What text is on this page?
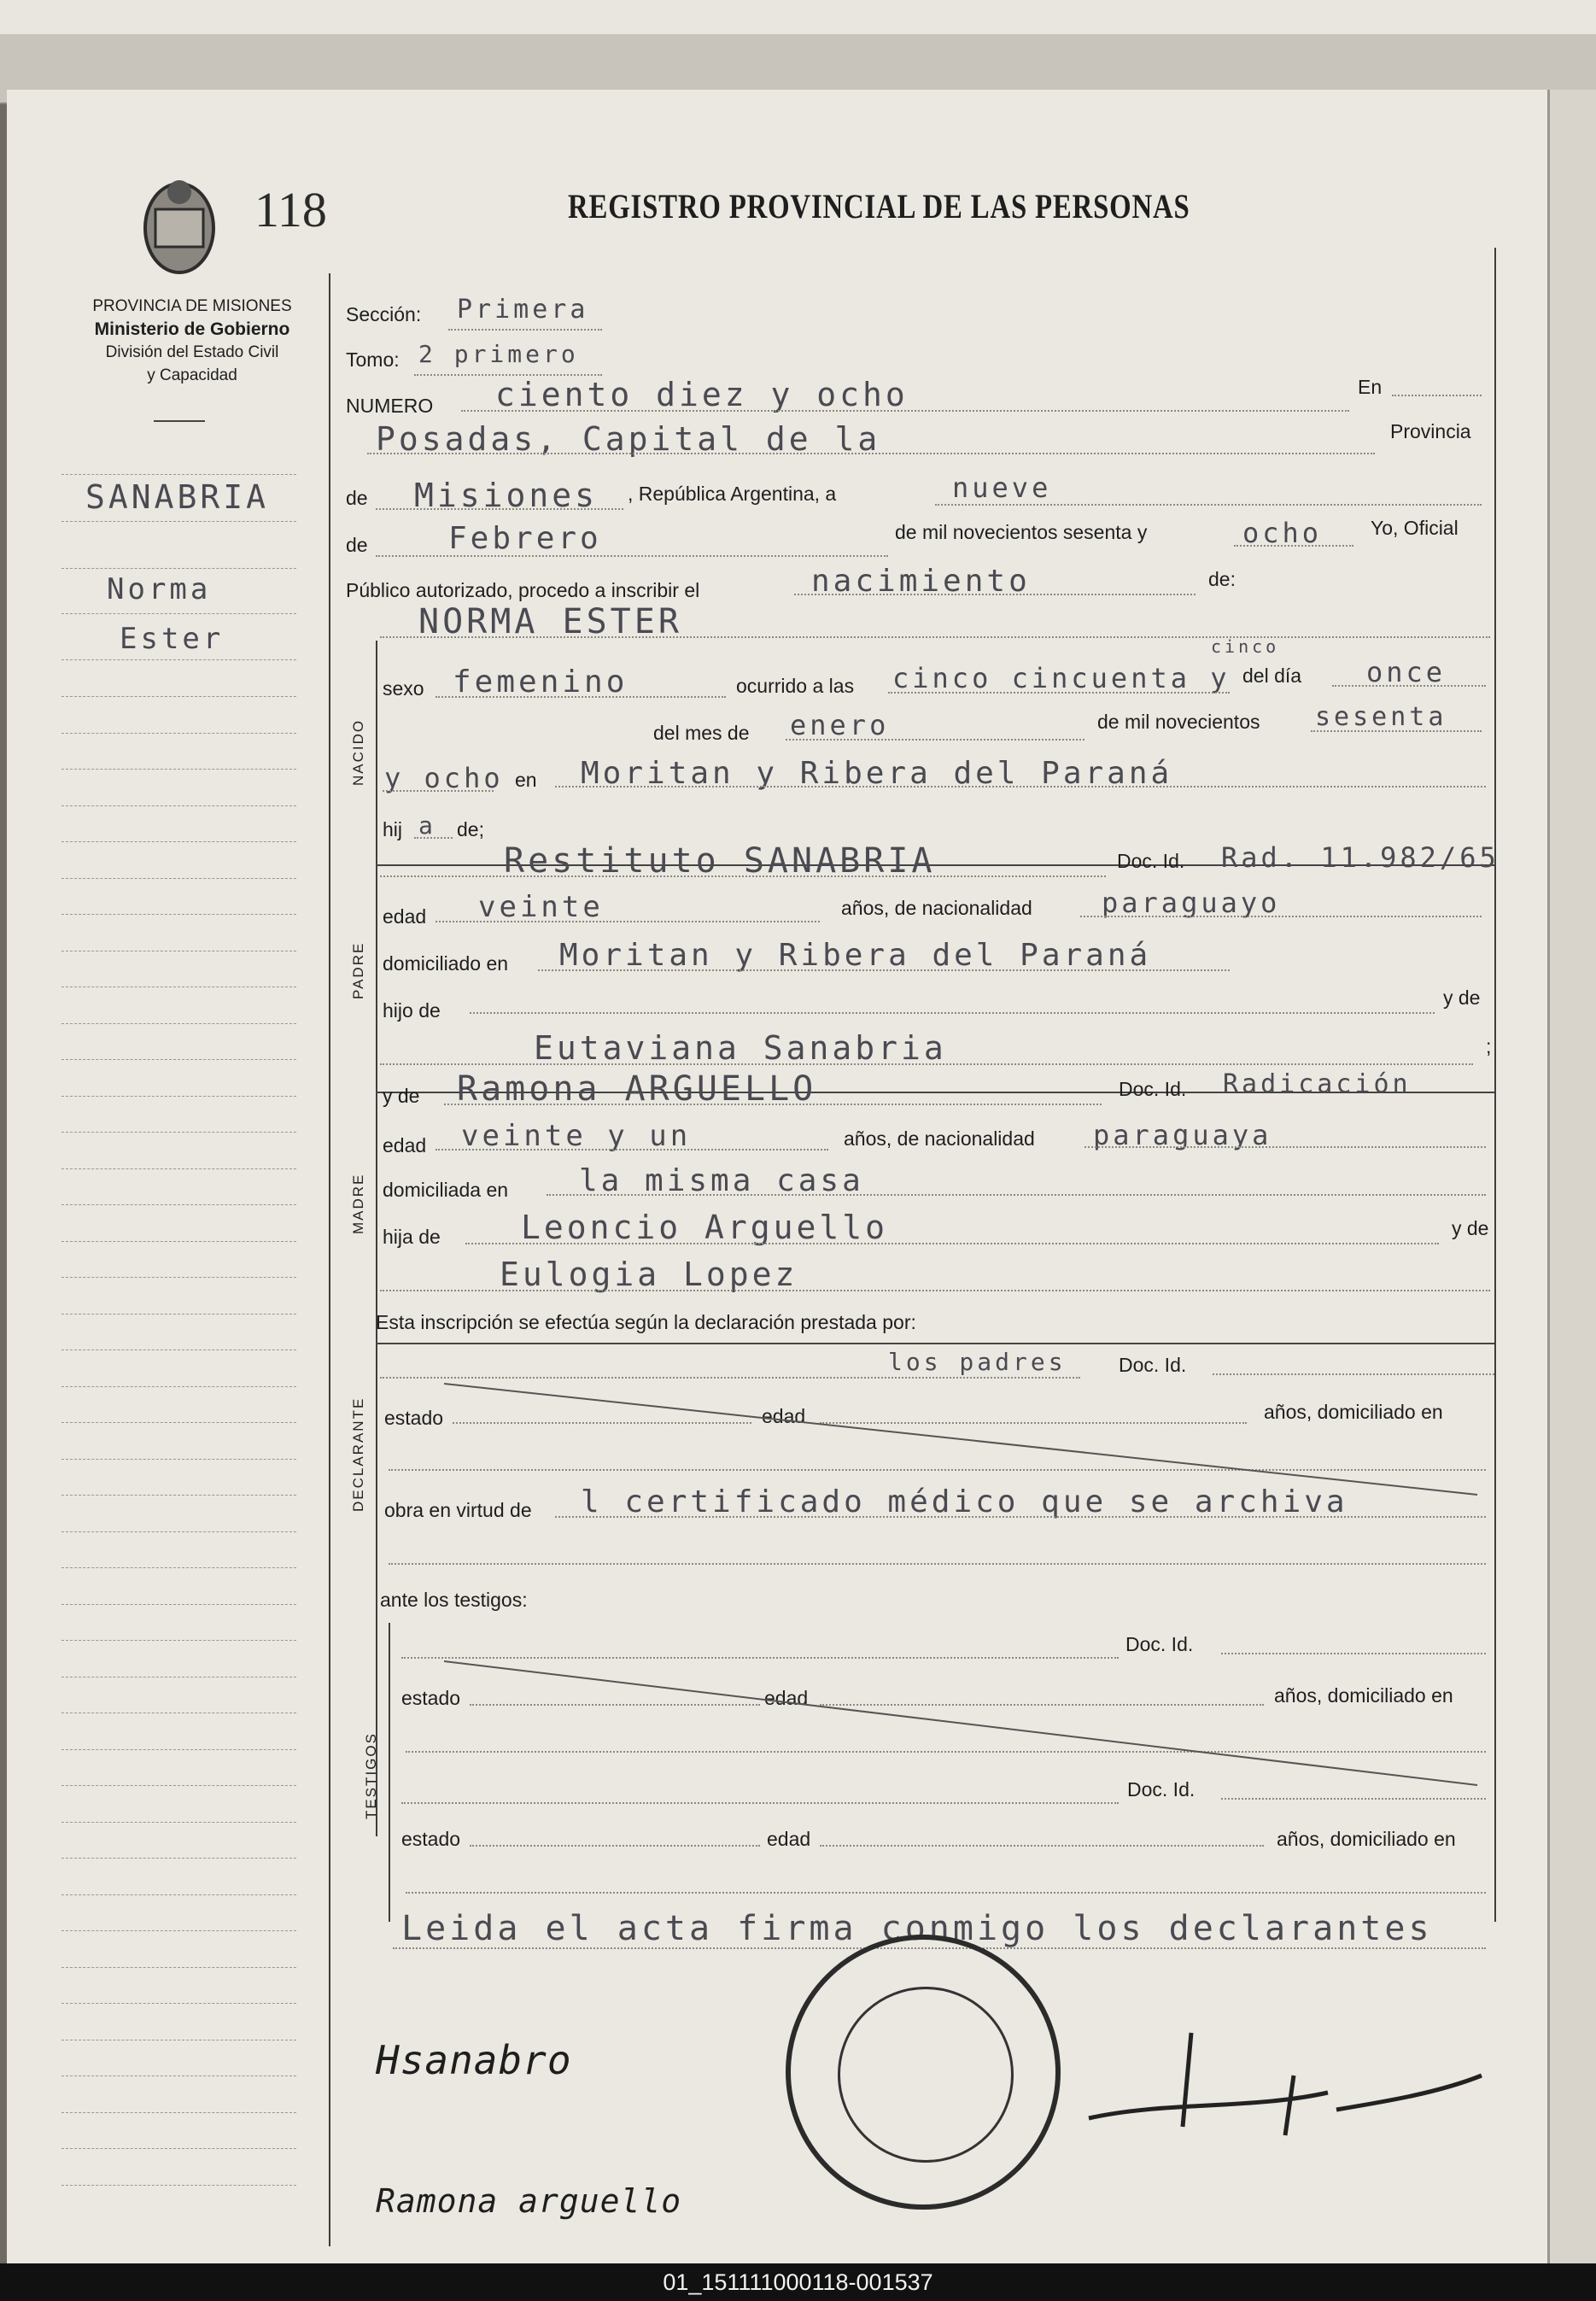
118	REGISTRO PROVINCIAL DE LAS PERSONAS
PROVINCIA DE MISIONES
Ministerio de Gobierno
División del Estado Civil
y Capacidad
SANABRIA
Norma
Ester
Sección: Primera
Tomo: 2 primero
NUMERO ciento diez y ocho	En
Posadas, Capital de la	Provincia
de Misiones , República Argentina, a	nueve
de	Febrero	de mil novecientos sesenta y	ocho Yo, Oficial
Público autorizado, procedo a inscribir el	nacimiento	de:
NORMA ESTER
NACIDO
sexo femenino	ocurrido a las cinco cincuenta y
cinco
del día once
del mes de enero	de mil novecientos sesenta
y ocho en Moritan y Ribera del Paraná
hij a de;
PADRE
Restituto SANABRIA	Doc. Id. Rad. 11.982/65
edad veinte	años, de nacionalidad	paraguayo
domiciliado en Moritan y Ribera del Paraná
hijo de
y de
Eutaviana Sanabria	;
MADRE
y de Ramona ARGUELLO	Doc. Id. Radicación
edad veinte y un	años, de nacionalidad paraguaya
domiciliada en la misma casa
hija de Leoncio Arguello	y de
Eulogia Lopez
Esta inscripción se efectúa según la declaración prestada por:
DECLARANTE
los padres	Doc. Id.
estado	edad	años, domiciliado en
obra en virtud de l certificado médico que se archiva
ante los testigos:
TESTIGOS
Doc. Id.
estado	edad	años, domiciliado en
Doc. Id.
estado	edad	años, domiciliado en
Leida el acta firma conmigo los declarantes
Hsanabro
Ramona arguello
01_151111000118-001537
